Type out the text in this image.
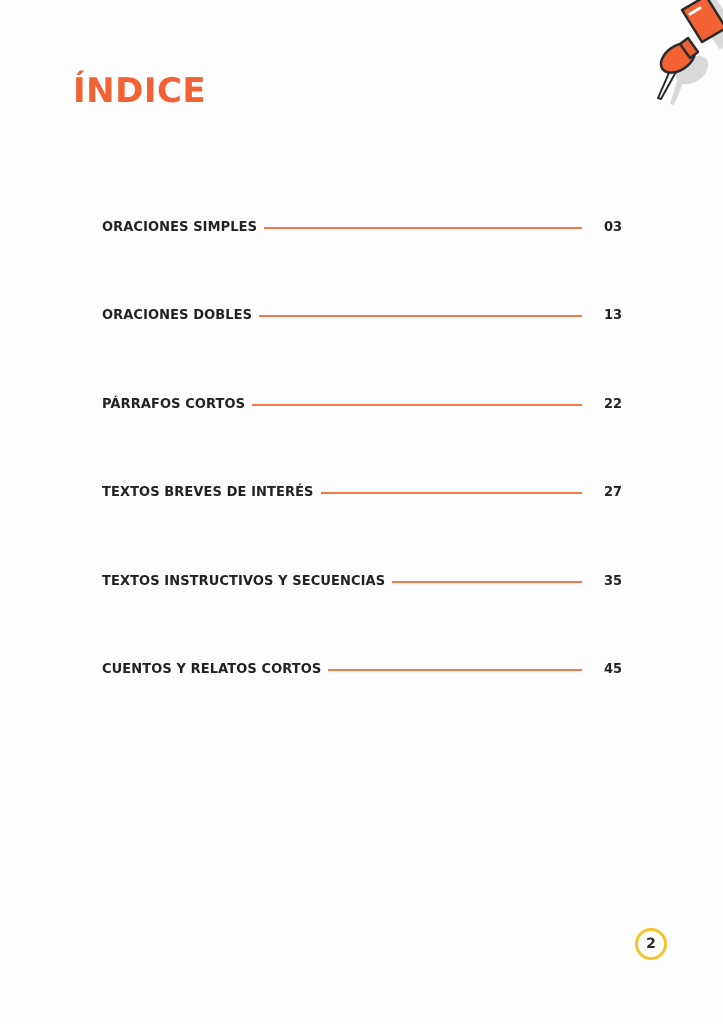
ÍNDICE
ORACIONES SIMPLES	03
ORACIONES DOBLES	13
PÁRRAFOS CORTOS	22
TEXTOS BREVES DE INTERÉS	27
TEXTOS INSTRUCTIVOS Y SECUENCIAS	35
CUENTOS Y RELATOS CORTOS	45
2
